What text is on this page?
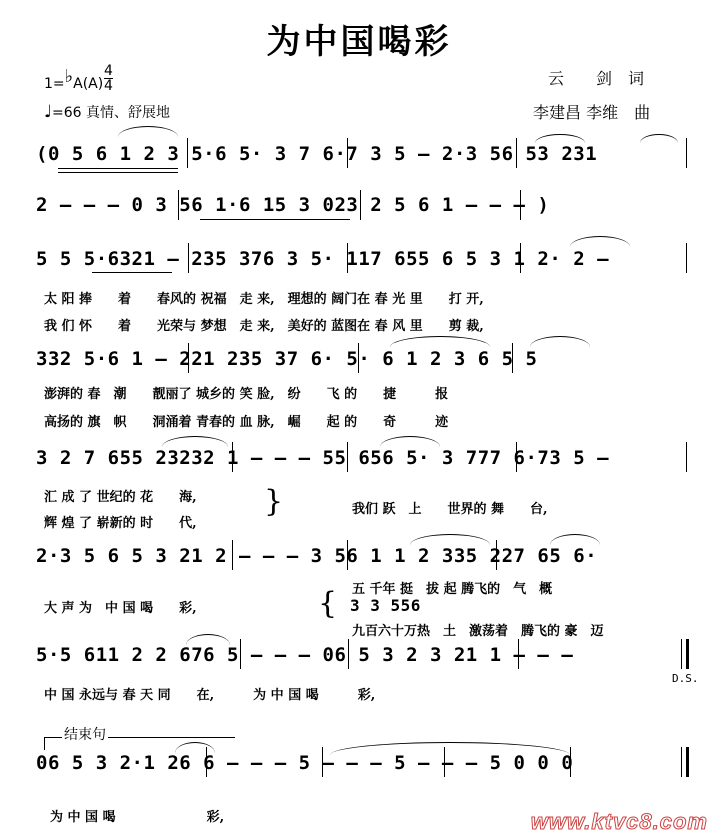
为中国喝彩
1=♭A(A)
4
4
♩=66 真情、舒展地
云　　剑　词
李建昌 李维　曲
(0 5 6 1 2 3 5·6 5· 3 7 6·7 3 5 – 2·3 56 53 231
2 – – – 0 3 56 1·6 15 3 023 2 5 6 1 – – – )
5 5 5·6321 – 235 376 3 5· 117 655 6 5 3 1 2· 2 –
太 阳 捧　　着　　春风的 祝福　走 来,　理想的 阔门在 春 光 里　　打 开,
我 们 怀　　着　　光荣与 梦想　走 来,　美好的 蓝图在 春 风 里　　剪 裁,
332 5·6 1 – 221 235 37 6· 5· 6 1 2 3 6 5 5
澎湃的 春　潮　　靓丽了 城乡的 笑 脸,　纷　　飞 的　　捷　　　报
高扬的 旗　帜　　洞涌着 青春的 血 脉,　崛　　起 的　　奇　　　迹
3 2 7 655 23232 1 – – – 55 656 5· 3 777 6·73 5 –
汇 成 了 世纪的 花　　海,
辉 煌 了 崭新的 时　　代,
}	我们 跃　上　　世界的 舞　　台,
2·3 5 6 5 3 21 2 – – – 3 56 1 1 2 335 227 65 6·
大 声 为　中 国 喝　　彩,	{ 五 千年 挺　拔 起 腾飞的　气　概
3 3 556
九百六十万热　土　激荡着　腾飞的 豪　迈
5·5 611 2 2 676 5 – – – 06 5 3 2 3 21 1 – – –
D.S.
中 国 永远与 春 天 同　　在,　　　为 中 国 喝　　　彩,
结束句
06 5 3 2·1 26 6 – – – 5 – – – 5 – – – 5 0 0 0
为 中 国 喝　　　　　　　彩,	www.ktvc8.com
